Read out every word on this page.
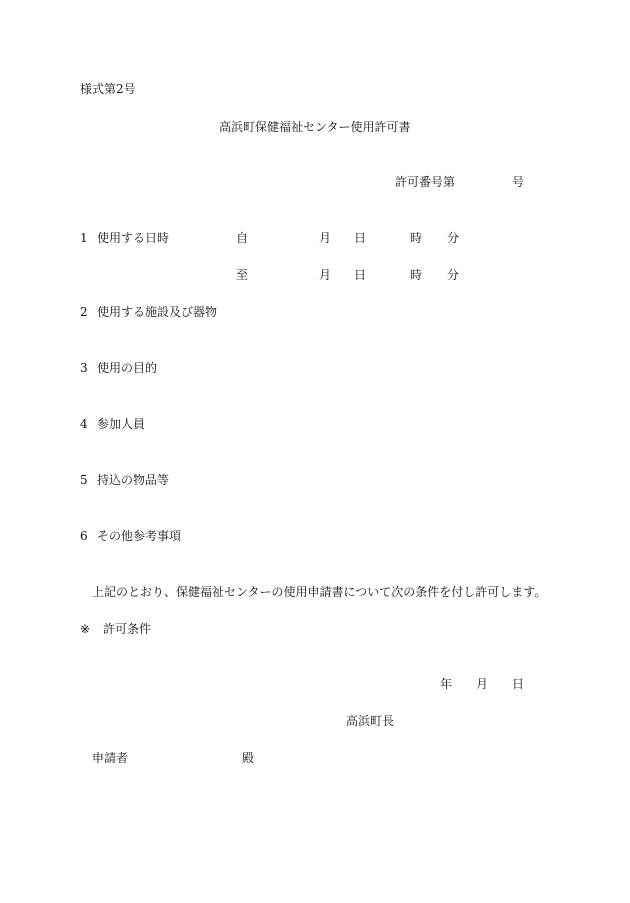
様式第2号
高浜町保健福祉センター使用許可書
許可番号第	号
1 使用する日時	自	月 日	時 分
至	月 日	時 分
2 使用する施設及び器物
3 使用の目的
4 参加人員
5 持込の物品等
6 その他参考事項
上記のとおり、保健福祉センターの使用申請書について次の条件を付し許可します。
※ 許可条件
年 月 日
高浜町長
申請者	殿
